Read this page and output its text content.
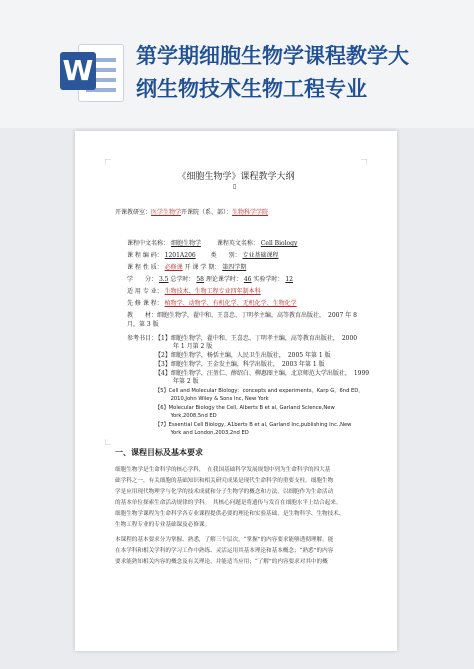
W 第学期细胞生物学课程教学大
纲生物技术生物工程专业
《细胞生物学》课程教学大纲
▯
开课教研室：医学生物学开课院（系、部）：生物科学学院
课程中文名称： 细胞生物学	课程英文名称： Cell Biology
课 程 编 码： 1201A206 类　　别： 专业基础课程
课 程 性 质： 必修课 开 课 学 期： 第四学期
学　　分： 3.5 总学时： 58 理论课学时： 46 实验学时： 12
适 用 专 业： 生物技术、生物工程专业四年制本科
先 修 课 程： 植物学、动物学、有机化学、无机化学、生物化学
教　　材：细胞生物学，翟中和、王喜忠、丁明孝主编，高等教育出版社，　2007 年 8
月，第 3 版
参考书目：
【1】细胞生物学，翟中和、王喜忠、丁明孝主编，高等教育出版社，　2000
　　　年 1 月第 2 版
【2】细胞生物学，杨恬主编，人民卫生出版社，　2005 年第 1 版
【3】细胞生物学，王金发主编，科学出版社，　2003 年第 1 版
【4】细胞生物学，汪堃仁、薛绍白、柳惠图主编，北京师范大学出版社，　1999
　　　年第 2 版
【5】Cell and Molecular Biology：concepts and experiments，Karp G，6nd ED，
　　　2010,John Wiley & Sons Inc, New York
【6】Molecular Biology the Cell, Alberts B et al, Garland Science,New
　　　York,2008,5nd ED
【7】Essential Cell Biology, A1berts B et al, Garland Inc,publishing Inc.,New
　　　York and London,2003,2nd ED
一、课程目标及基本要求
细胞生物学是生命科学的核心学科，　在我国基础科学发展规划中列为生命科学的四大基
础学科之一，有关细胞的基础知识和相关研究成果是现代生命科学的重要支柱。细胞生物
学是应用现代物理学与化学的技术成就和分子生物学的概念和方法，以细胞作为生命活动
的基本单位探索生命活动规律的学科。　其核心问题是将遗传与发育在细胞水平上结合起来。
细胞生物学课程为生命科学各专业课程提供必要的理论和实验基础，是生物科学、生物技术、
生物工程专业的专业基础课及必修课。
本课程的基本要求分为掌握、熟悉，了解三个层次，“掌握”的内容要求能够透彻理解，能
在本学科和相关学科的学习工作中熟练、灵活运用其基本理论和基本概念；“熟悉”的内容
要求能熟知相关内容的概念及有关理论，并能适当应用；“了解”的内容要求对其中的概
